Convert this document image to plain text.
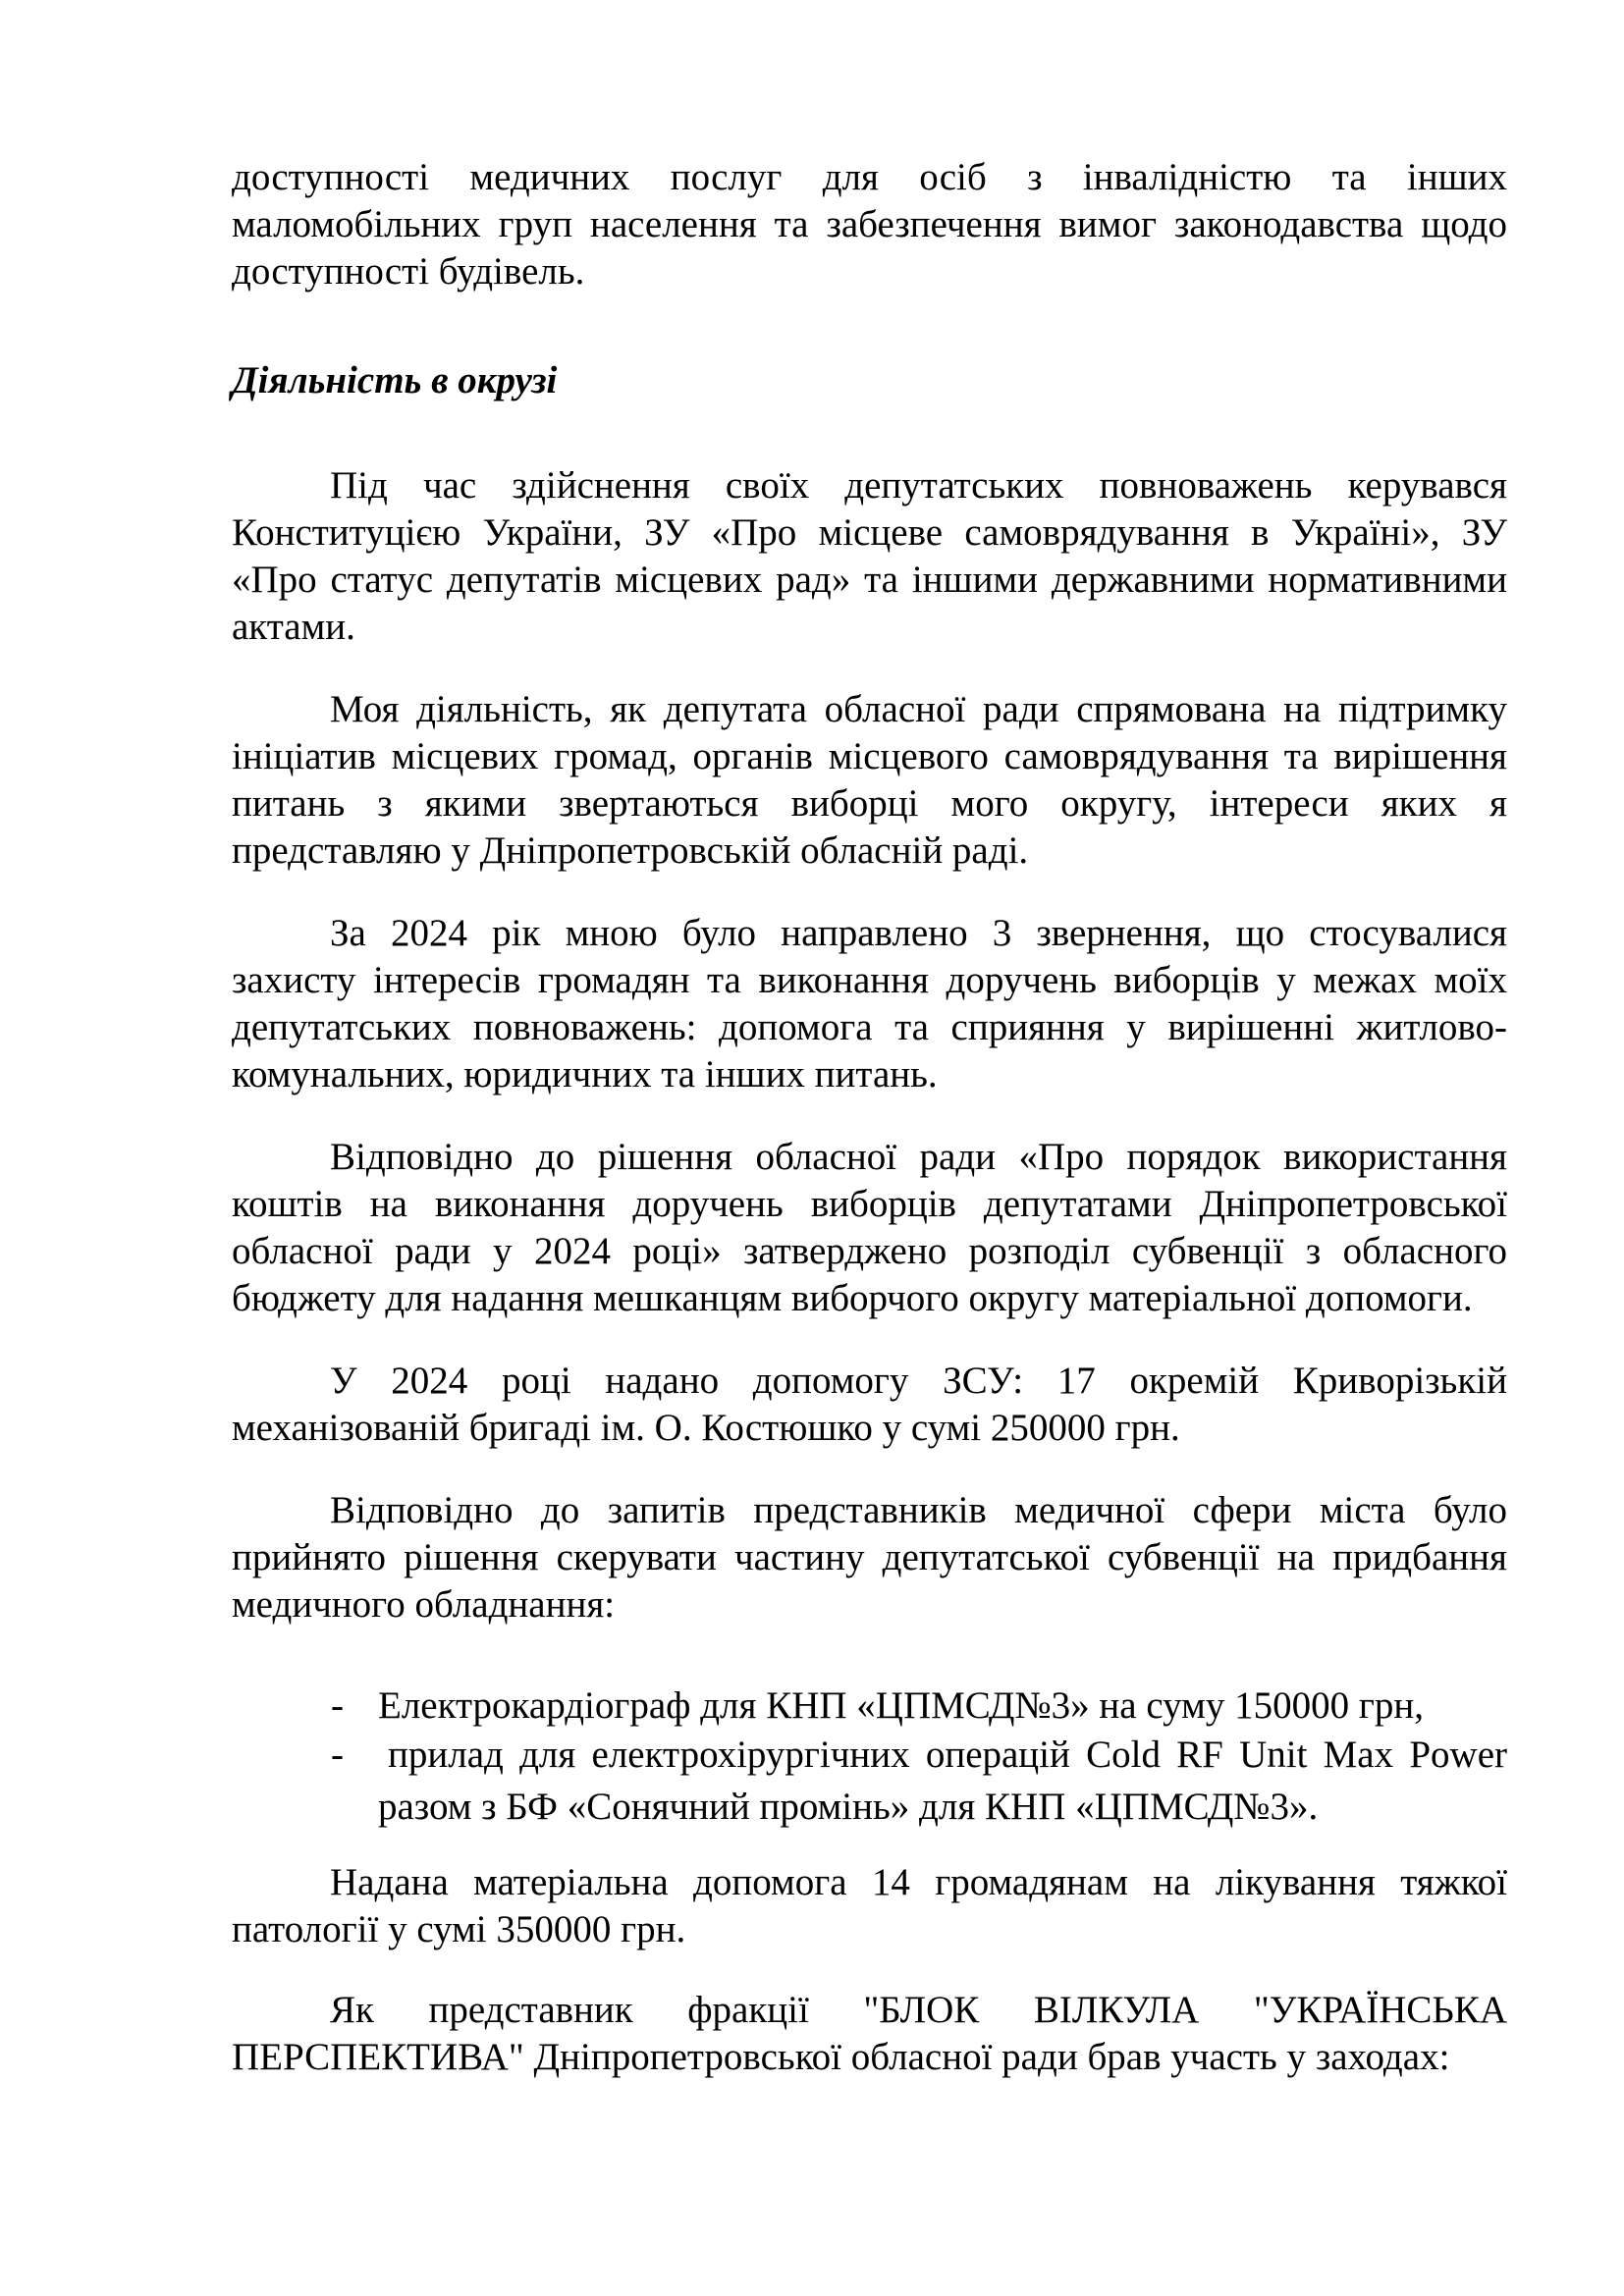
доступності медичних послуг для осіб з інвалідністю та інших
маломобільних груп населення та забезпечення вимог законодавства щодо
доступності будівель.
Діяльність в окрузі
Під час здійснення своїх депутатських повноважень керувався
Конституцією України, ЗУ «Про місцеве самоврядування в Україні», ЗУ
«Про статус депутатів місцевих рад» та іншими державними нормативними
актами.
Моя діяльність, як депутата обласної ради спрямована на підтримку
ініціатив місцевих громад, органів місцевого самоврядування та вирішення
питань з якими звертаються виборці мого округу, інтереси яких я
представляю у Дніпропетровській обласній раді.
За 2024 рік мною було направлено 3 звернення, що стосувалися
захисту інтересів громадян та виконання доручень виборців у межах моїх
депутатських повноважень: допомога та сприяння у вирішенні житлово-
комунальних, юридичних та інших питань.
Відповідно до рішення обласної ради «Про порядок використання
коштів на виконання доручень виборців депутатами Дніпропетровської
обласної ради у 2024 році» затверджено розподіл субвенції з обласного
бюджету для надання мешканцям виборчого округу матеріальної допомоги.
У 2024 році надано допомогу ЗСУ: 17 окремій Криворізькій
механізованій бригаді ім. О. Костюшко у сумі 250000 грн.
Відповідно до запитів представників медичної сфери міста було
прийнято рішення скерувати частину депутатської субвенції на придбання
медичного обладнання:
- Електрокардіограф для КНП «ЦПМСД№3» на суму 150000 грн,
- прилад для електрохірургічних операцій Cold RF Unit Max Power
разом з БФ «Сонячний промінь» для КНП «ЦПМСД№3».
Надана матеріальна допомога 14 громадянам на лікування тяжкої
патології у сумі 350000 грн.
Як представник фракції "БЛОК ВІЛКУЛА "УКРАЇНСЬКА
ПЕРСПЕКТИВА" Дніпропетровської обласної ради брав участь у заходах:
